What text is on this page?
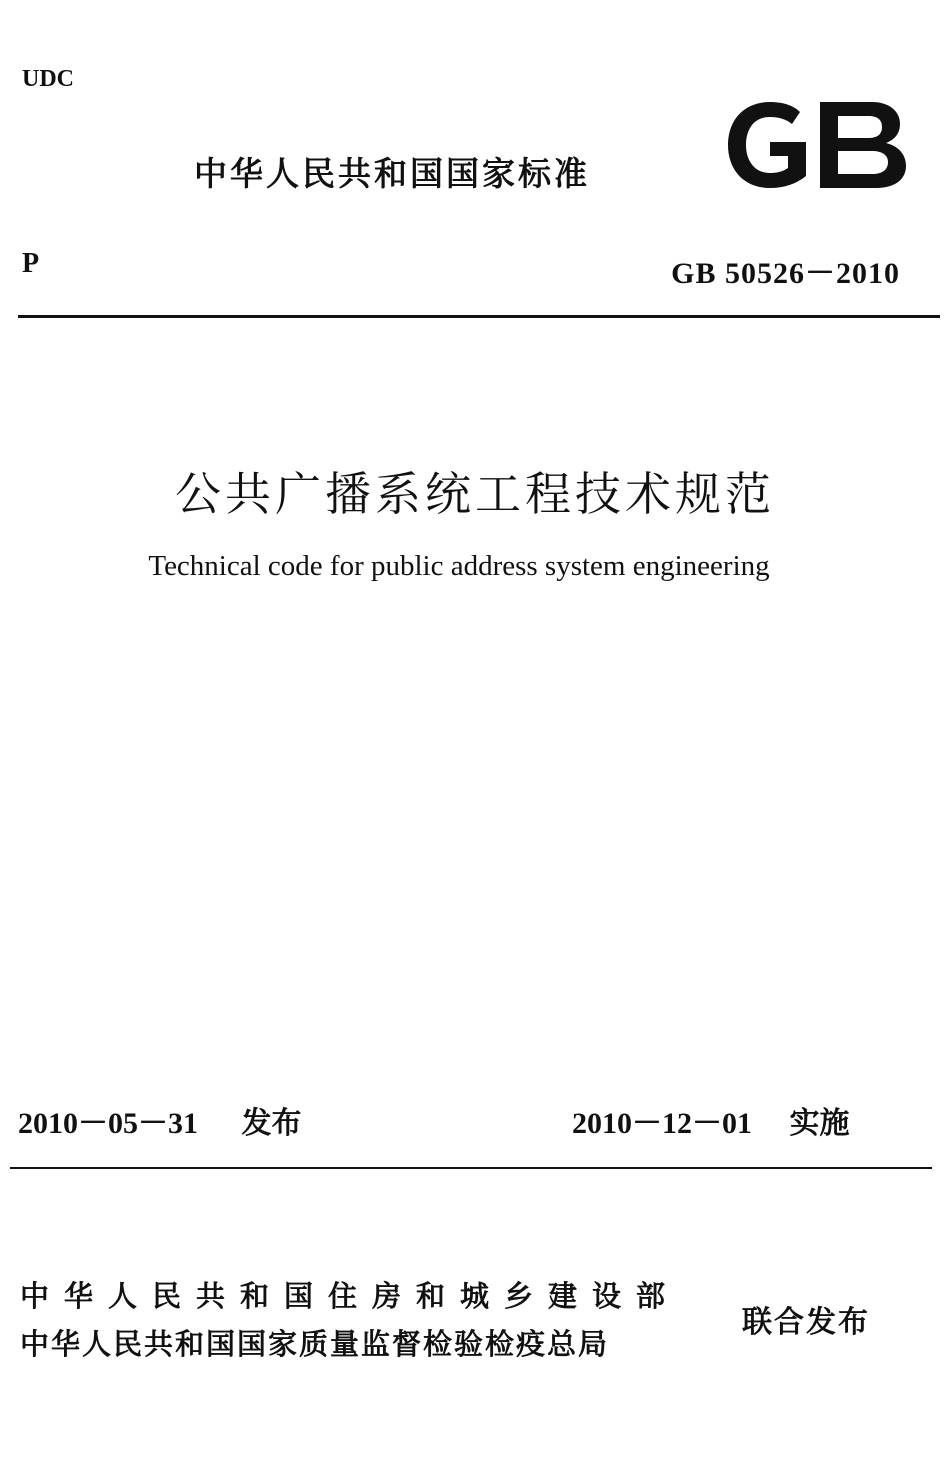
UDC
中华人民共和国国家标准
P	GB 50526－2010
公共广播系统工程技术规范
Technical code for public address system engineering
2010－05－31 发布	2010－12－01 实施
中华人民共和国住房和城乡建设部
中华人民共和国国家质量监督检验检疫总局
联合发布
